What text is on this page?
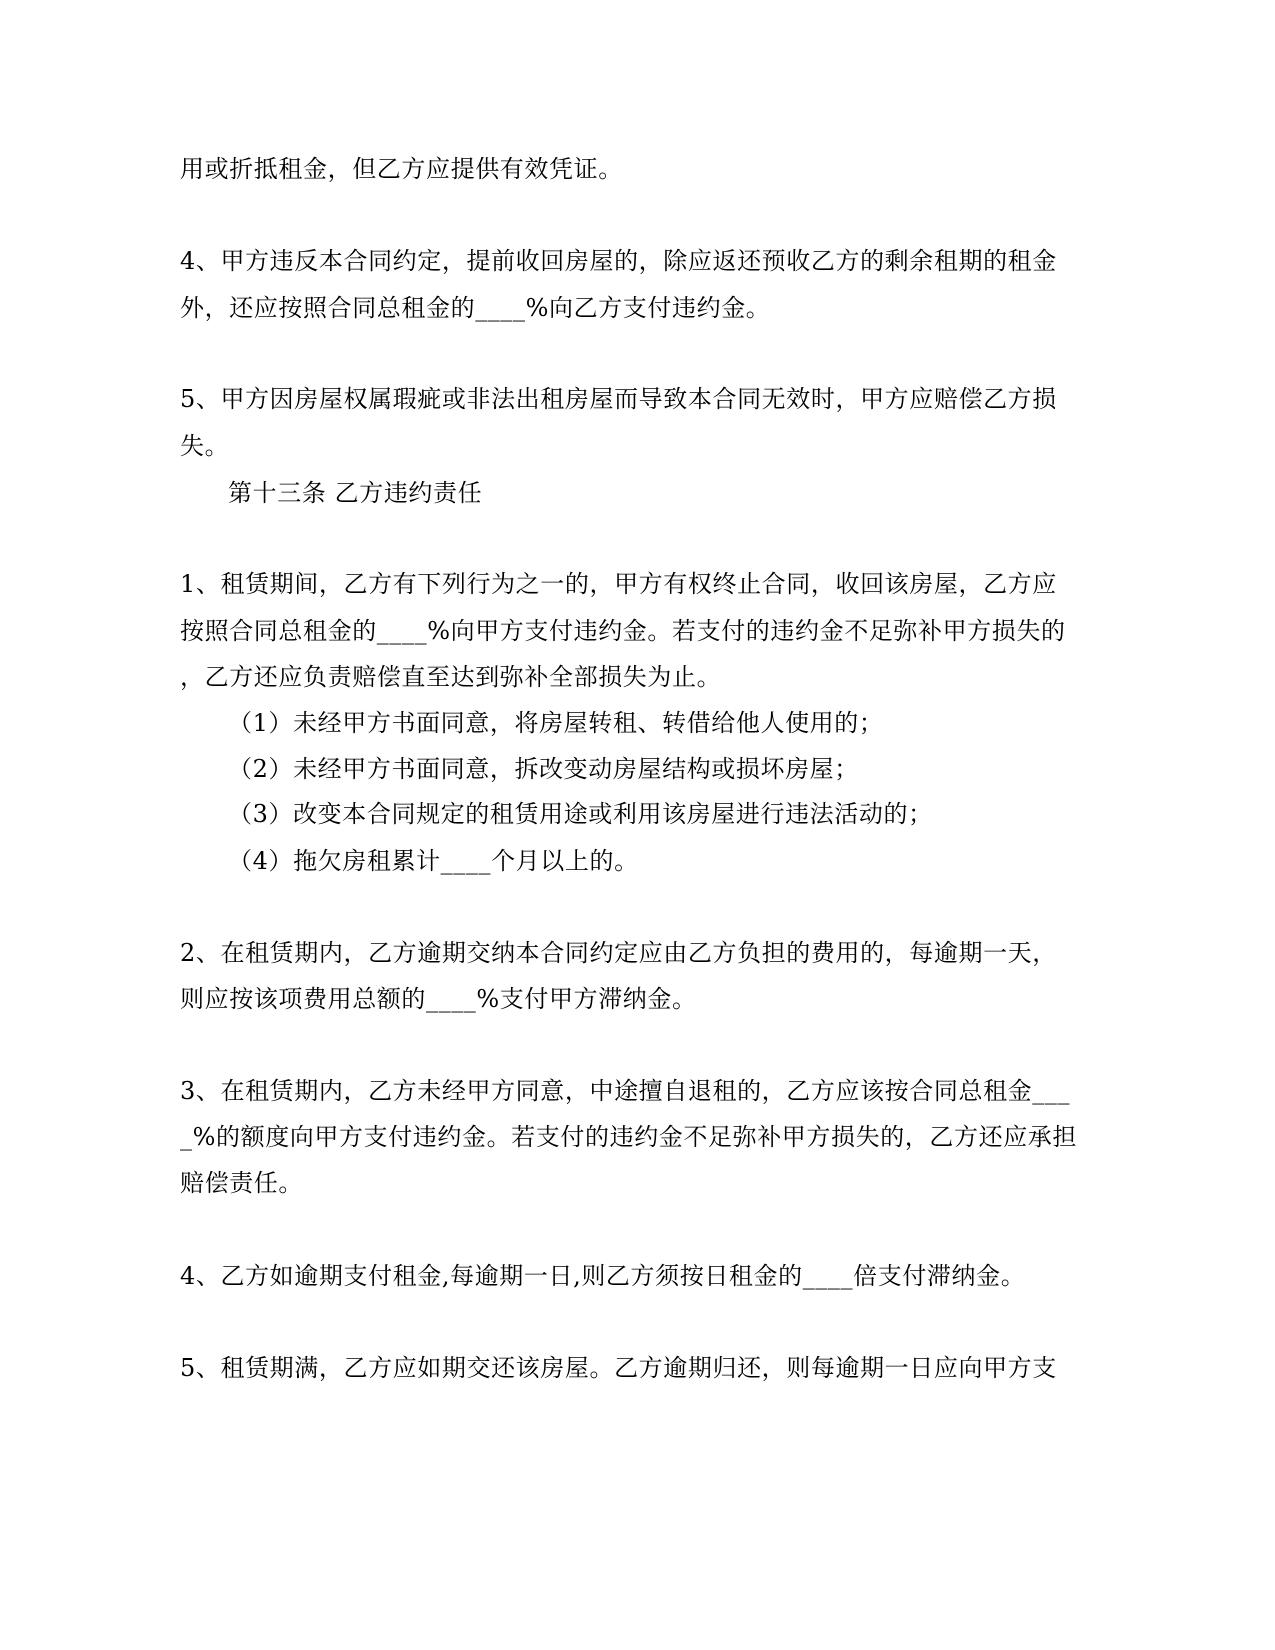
用或折抵租金，但乙方应提供有效凭证。
4、甲方违反本合同约定，提前收回房屋的，除应返还预收乙方的剩余租期的租金
外，还应按照合同总租金的____%向乙方支付违约金。
5、甲方因房屋权属瑕疵或非法出租房屋而导致本合同无效时，甲方应赔偿乙方损
失。
第十三条 乙方违约责任
1、租赁期间，乙方有下列行为之一的，甲方有权终止合同，收回该房屋，乙方应
按照合同总租金的____%向甲方支付违约金。若支付的违约金不足弥补甲方损失的
，乙方还应负责赔偿直至达到弥补全部损失为止。
（1）未经甲方书面同意，将房屋转租、转借给他人使用的；
（2）未经甲方书面同意，拆改变动房屋结构或损坏房屋；
（3）改变本合同规定的租赁用途或利用该房屋进行违法活动的；
（4）拖欠房租累计____个月以上的。
2、在租赁期内，乙方逾期交纳本合同约定应由乙方负担的费用的，每逾期一天，
则应按该项费用总额的____%支付甲方滞纳金。
3、在租赁期内，乙方未经甲方同意，中途擅自退租的，乙方应该按合同总租金___
_%的额度向甲方支付违约金。若支付的违约金不足弥补甲方损失的，乙方还应承担
赔偿责任。
4、乙方如逾期支付租金,每逾期一日,则乙方须按日租金的____倍支付滞纳金。
5、租赁期满，乙方应如期交还该房屋。乙方逾期归还，则每逾期一日应向甲方支
